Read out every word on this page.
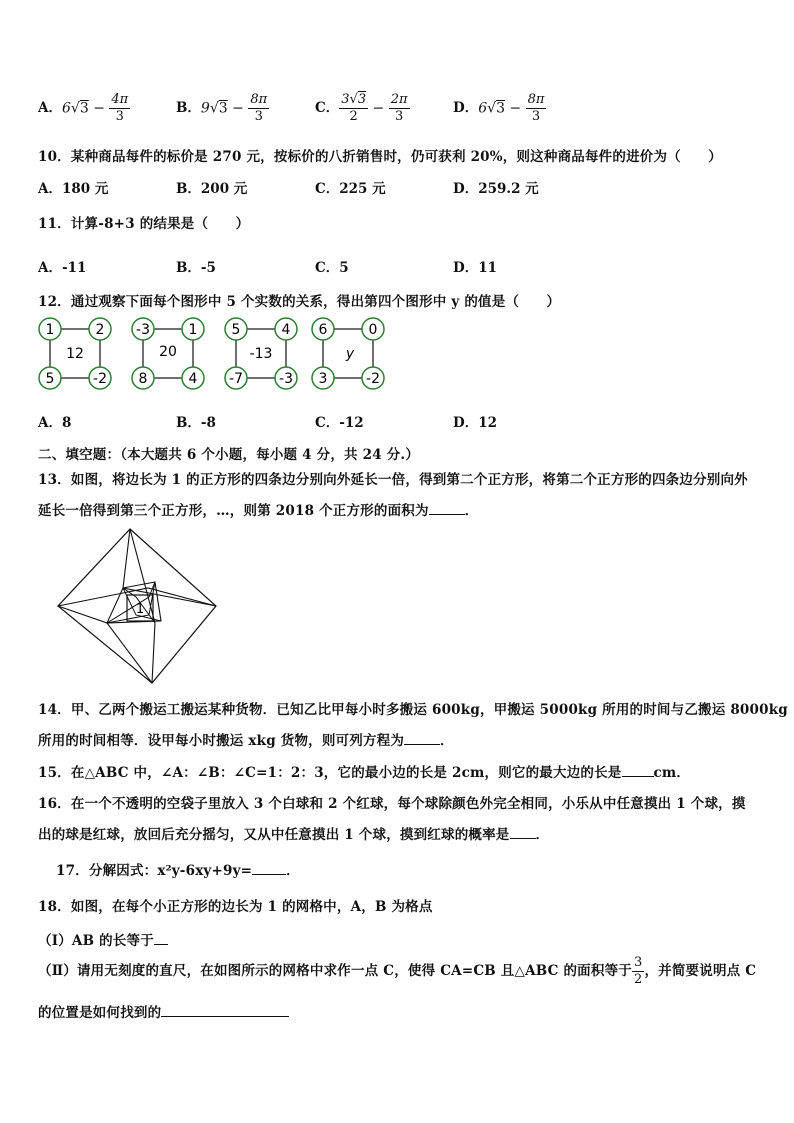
A．$6√3 - \frac{4\pi}{3}$	B．$9√3 - \frac{8\pi}{3}$	C． $\frac{3√3}{2} - \frac{2\pi}{3}$	D．$6√3 - \frac{8\pi}{3}$
10．某种商品每件的标价是 270 元，按标价的八折销售时，仍可获利 20%，则这种商品每件的进价为（　　）
A．180 元	B．200 元	C．225 元	D．259.2 元
11．计算-8+3 的结果是（　　）
A．-11	B．-5	C．5	D．11
12．通过观察下面每个图形中 5 个实数的关系，得出第四个图形中 y 的值是（　　）
1	2
5	-2
12
-3	1
8	4
20
5	4
-7	-3
-13
6	0
3	-2
y
A．8	B．-8	C．-12	D．12
二、填空题：（本大题共 6 个小题，每小题 4 分，共 24 分.）
13．如图，将边长为 1 的正方形的四条边分别向外延长一倍，得到第二个正方形，将第二个正方形的四条边分别向外
延长一倍得到第三个正方形，…，则第 2018 个正方形的面积为	．
1
14．甲、乙两个搬运工搬运某种货物．已知乙比甲每小时多搬运 600kg，甲搬运 5000kg 所用的时间与乙搬运 8000kg
所用的时间相等．设甲每小时搬运 xkg 货物，则可列方程为	．
15．在△ABC 中，∠A：∠B：∠C=1：2：3，它的最小边的长是 2cm，则它的最大边的长是 cm．
16．在一个不透明的空袋子里放入 3 个白球和 2 个红球，每个球除颜色外完全相同，小乐从中任意摸出 1 个球，摸
出的球是红球，放回后充分摇匀，又从中任意摸出 1 个球，摸到红球的概率是 ．
17．分解因式：x²y-6xy+9y=	．
18．如图，在每个小正方形的边长为 1 的网格中，A，B 为格点
（Ⅰ）AB 的长等于
（Ⅱ）请用无刻度的直尺，在如图所示的网格中求作一点 C，使得 CA=CB 且△ABC 的面积等于 $\frac{3}{2}$ ，并简要说明点 C
的位置是如何找到的
